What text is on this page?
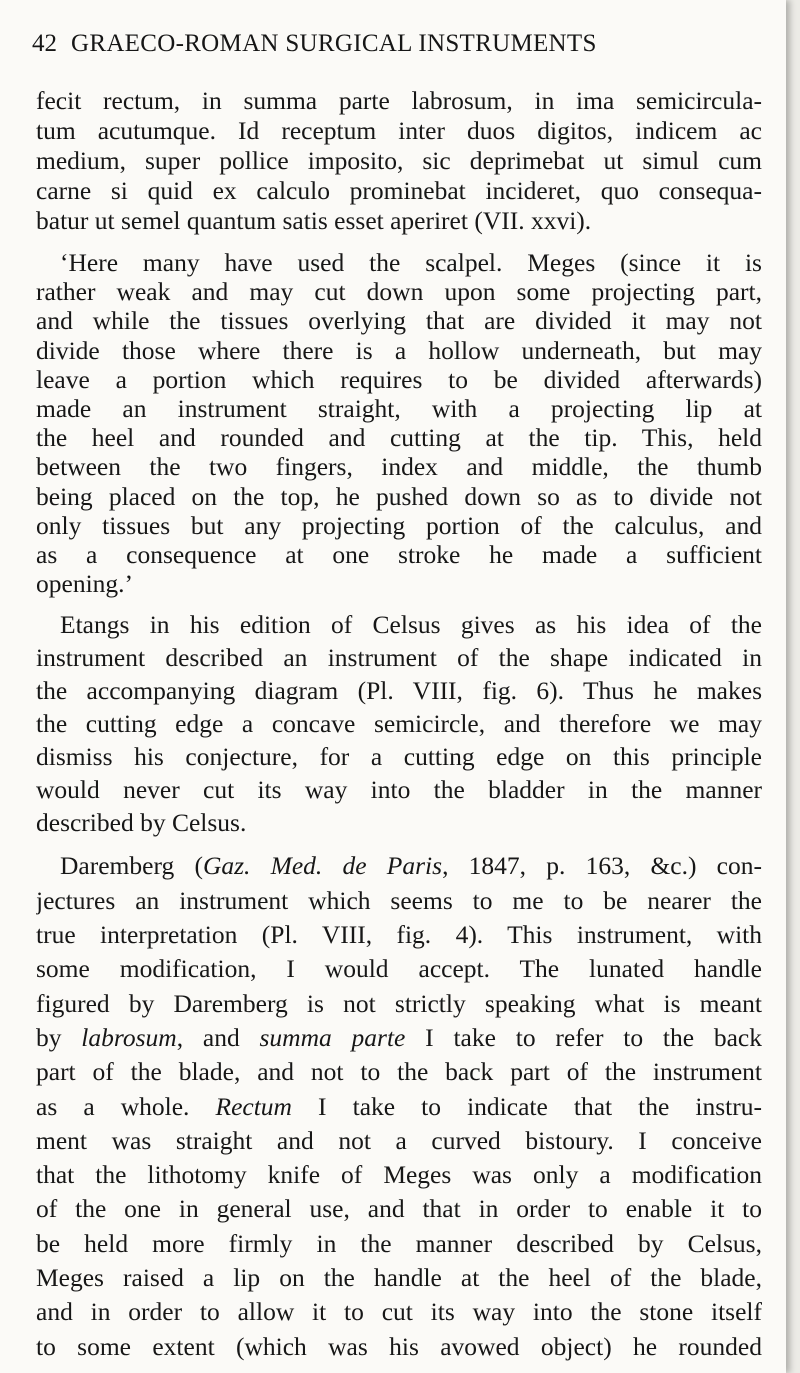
42 GRAECO-ROMAN SURGICAL INSTRUMENTS
fecit rectum, in summa parte labrosum, in ima semicircula-
tum acutumque. Id receptum inter duos digitos, indicem ac
medium, super pollice imposito, sic deprimebat ut simul cum
carne si quid ex calculo prominebat incideret, quo consequa-
batur ut semel quantum satis esset aperiret (VII. xxvi).
‘Here many have used the scalpel. Meges (since it is
rather weak and may cut down upon some projecting part,
and while the tissues overlying that are divided it may not
divide those where there is a hollow underneath, but may
leave a portion which requires to be divided afterwards)
made an instrument straight, with a projecting lip at
the heel and rounded and cutting at the tip. This, held
between the two fingers, index and middle, the thumb
being placed on the top, he pushed down so as to divide not
only tissues but any projecting portion of the calculus, and
as a consequence at one stroke he made a sufficient
opening.’
Etangs in his edition of Celsus gives as his idea of the
instrument described an instrument of the shape indicated in
the accompanying diagram (Pl. VIII, fig. 6). Thus he makes
the cutting edge a concave semicircle, and therefore we may
dismiss his conjecture, for a cutting edge on this principle
would never cut its way into the bladder in the manner
described by Celsus.
Daremberg (Gaz. Med. de Paris, 1847, p. 163, &c.) con-
jectures an instrument which seems to me to be nearer the
true interpretation (Pl. VIII, fig. 4). This instrument, with
some modification, I would accept. The lunated handle
figured by Daremberg is not strictly speaking what is meant
by labrosum, and summa parte I take to refer to the back
part of the blade, and not to the back part of the instrument
as a whole. Rectum I take to indicate that the instru-
ment was straight and not a curved bistoury. I conceive
that the lithotomy knife of Meges was only a modification
of the one in general use, and that in order to enable it to
be held more firmly in the manner described by Celsus,
Meges raised a lip on the handle at the heel of the blade,
and in order to allow it to cut its way into the stone itself
to some extent (which was his avowed object) he rounded
